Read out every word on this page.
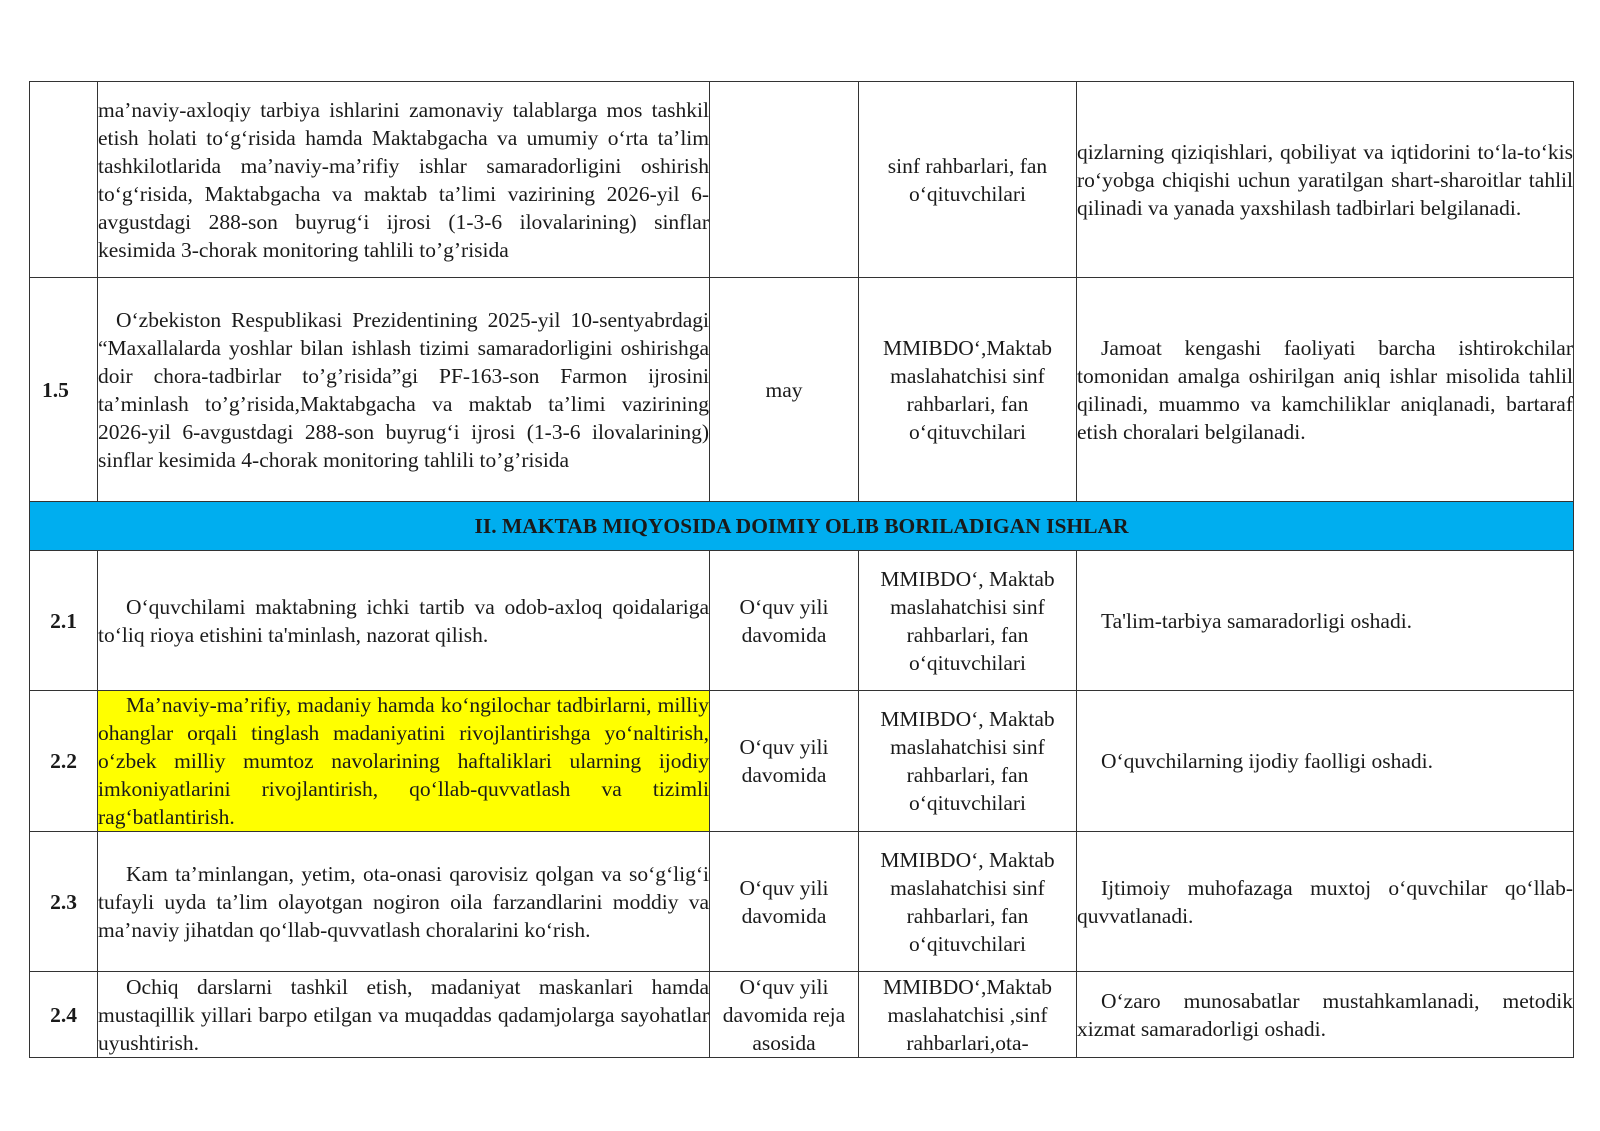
	ma’naviy-axloqiy tarbiya ishlarini zamonaviy talablarga mos tashkil etish holati to‘g‘risida hamda Maktabgacha va umumiy o‘rta ta’lim tashkilotlarida ma’naviy-ma’rifiy ishlar samaradorligini oshirish to‘g‘risida, Maktabgacha va maktab ta’limi vazirining 2026-yil 6-avgustdagi 288-son buyrug‘i ijrosi (1-3-6 ilovalarining) sinflar kesimida 3-chorak monitoring tahlili to’g’risida		sinf rahbarlari, fan o‘qituvchilari	qizlarning qiziqishlari, qobiliyat va iqtidorini to‘la-to‘kis ro‘yobga chiqishi uchun yaratilgan shart-sharoitlar tahlil qilinadi va yanada yaxshilash tadbirlari belgilanadi.

1.5	O‘zbekiston Respublikasi Prezidentining 2025-yil 10-sentyabrdagi “Maxallalarda yoshlar bilan ishlash tizimi samaradorligini oshirishga doir chora-tadbirlar to’g’risida”gi PF-163-son Farmon ijrosini ta’minlash to’g’risida,Maktabgacha va maktab ta’limi vazirining 2026-yil 6-avgustdagi 288-son buyrug‘i ijrosi (1-3-6 ilovalarining) sinflar kesimida 4-chorak monitoring tahlili to’g’risida	may	MMIBDO‘,Maktab maslahatchisi sinf rahbarlari, fan o‘qituvchilari	Jamoat kengashi faoliyati barcha ishtirokchilar tomonidan amalga oshirilgan aniq ishlar misolida tahlil qilinadi, muammo va kamchiliklar aniqlanadi, bartaraf etish choralari belgilanadi.

II. MAKTAB MIQYOSIDA DOIMIY OLIB BORILADIGAN ISHLAR				
2.1	O‘quvchilami maktabning ichki tartib va odob-axloq qoidalariga to‘liq rioya etishini ta'minlash, nazorat qilish.	O‘quv yili davomida	MMIBDO‘, Maktab maslahatchisi sinf rahbarlari, fan o‘qituvchilari	Ta'lim-tarbiya samaradorligi oshadi.

2.2	Ma’naviy-ma’rifiy, madaniy hamda ko‘ngilochar tadbirlarni, milliy ohanglar orqali tinglash madaniyatini rivojlantirishga yo‘naltirish, o‘zbek milliy mumtoz navolarining haftaliklari ularning ijodiy imkoniyatlarini rivojlantirish, qo‘llab-quvvatlash va tizimli rag‘batlantirish.	O‘quv yili davomida	MMIBDO‘, Maktab maslahatchisi sinf rahbarlari, fan o‘qituvchilari	O‘quvchilarning ijodiy faolligi oshadi.

2.3	Kam ta’minlangan, yetim, ota-onasi qarovisiz qolgan va so‘g‘lig‘i tufayli uyda ta’lim olayotgan nogiron oila farzandlarini moddiy va ma’naviy jihatdan qo‘llab-quvvatlash choralarini ko‘rish.	O‘quv yili davomida	MMIBDO‘, Maktab maslahatchisi sinf rahbarlari, fan o‘qituvchilari	Ijtimoiy muhofazaga muxtoj o‘quvchilar qo‘llab-quvvatlanadi.

2.4	Ochiq darslarni tashkil etish, madaniyat maskanlari hamda mustaqillik yillari barpo etilgan va muqaddas qadamjolarga sayohatlar uyushtirish.	O‘quv yili davomida reja asosida	MMIBDO‘,Maktab maslahatchisi ,sinf rahbarlari,ota-	O‘zaro munosabatlar mustahkamlanadi, metodik xizmat samaradorligi oshadi.
